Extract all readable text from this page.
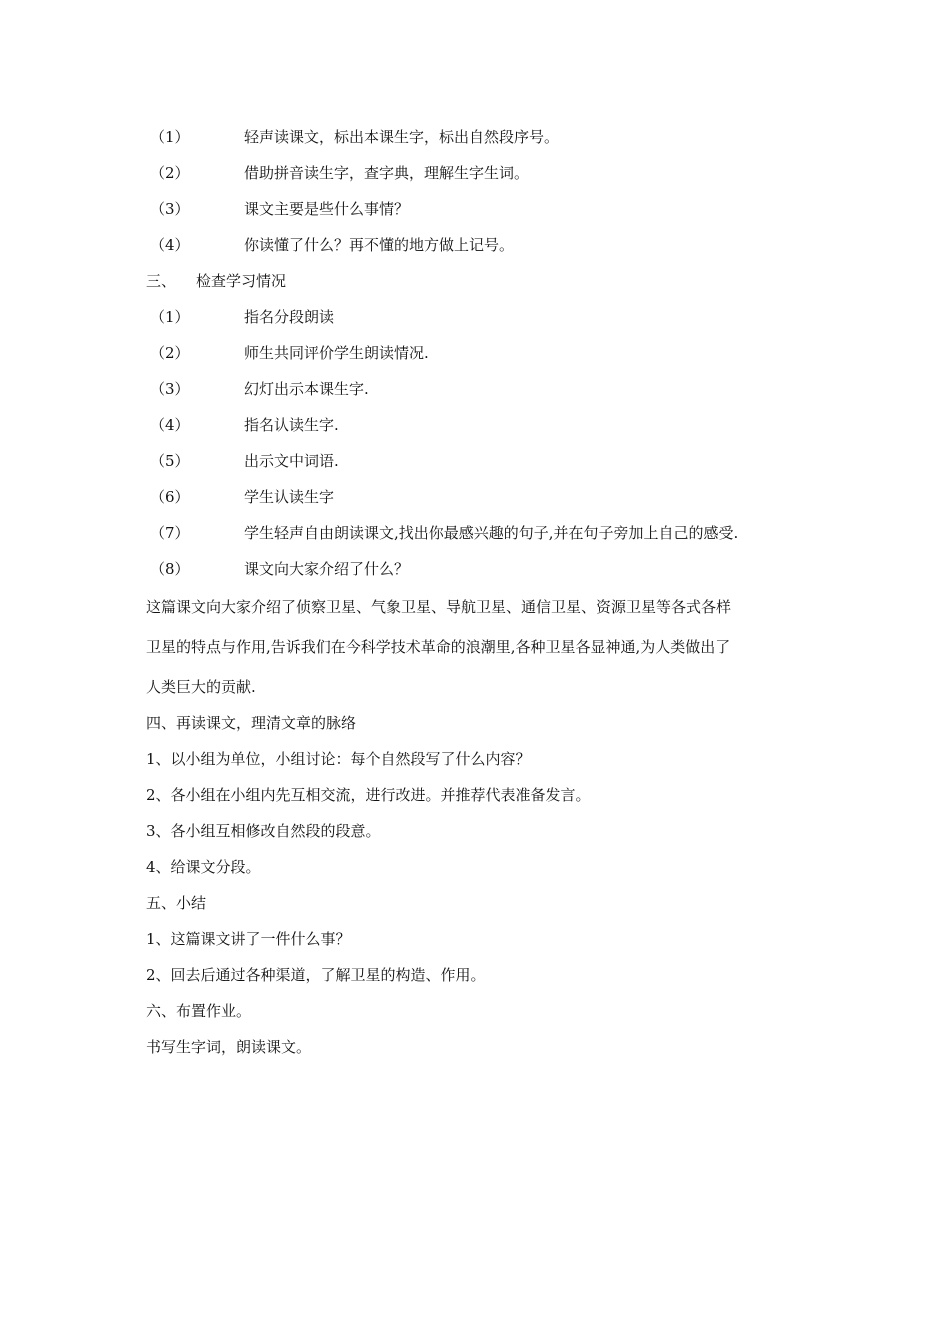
（1）	轻声读课文，标出本课生字，标出自然段序号。
（2）	借助拼音读生字，查字典，理解生字生词。
（3）	课文主要是些什么事情？
（4）	你读懂了什么？再不懂的地方做上记号。
三、 检查学习情况
（1）	指名分段朗读
（2）	师生共同评价学生朗读情况.
（3）	幻灯出示本课生字.
（4）	指名认读生字.
（5）	出示文中词语.
（6）	学生认读生字
（7）	学生轻声自由朗读课文,找出你最感兴趣的句子,并在句子旁加上自己的感受.
（8）	课文向大家介绍了什么？
这篇课文向大家介绍了侦察卫星、气象卫星、导航卫星、通信卫星、资源卫星等各式各样
卫星的特点与作用,告诉我们在今科学技术革命的浪潮里,各种卫星各显神通,为人类做出了
人类巨大的贡献.
四、再读课文，理清文章的脉络
1、以小组为单位，小组讨论：每个自然段写了什么内容？
2、各小组在小组内先互相交流，进行改进。并推荐代表准备发言。
3、各小组互相修改自然段的段意。
4、给课文分段。
五、小结
1、这篇课文讲了一件什么事？
2、回去后通过各种渠道，了解卫星的构造、作用。
六、布置作业。
书写生字词，朗读课文。
